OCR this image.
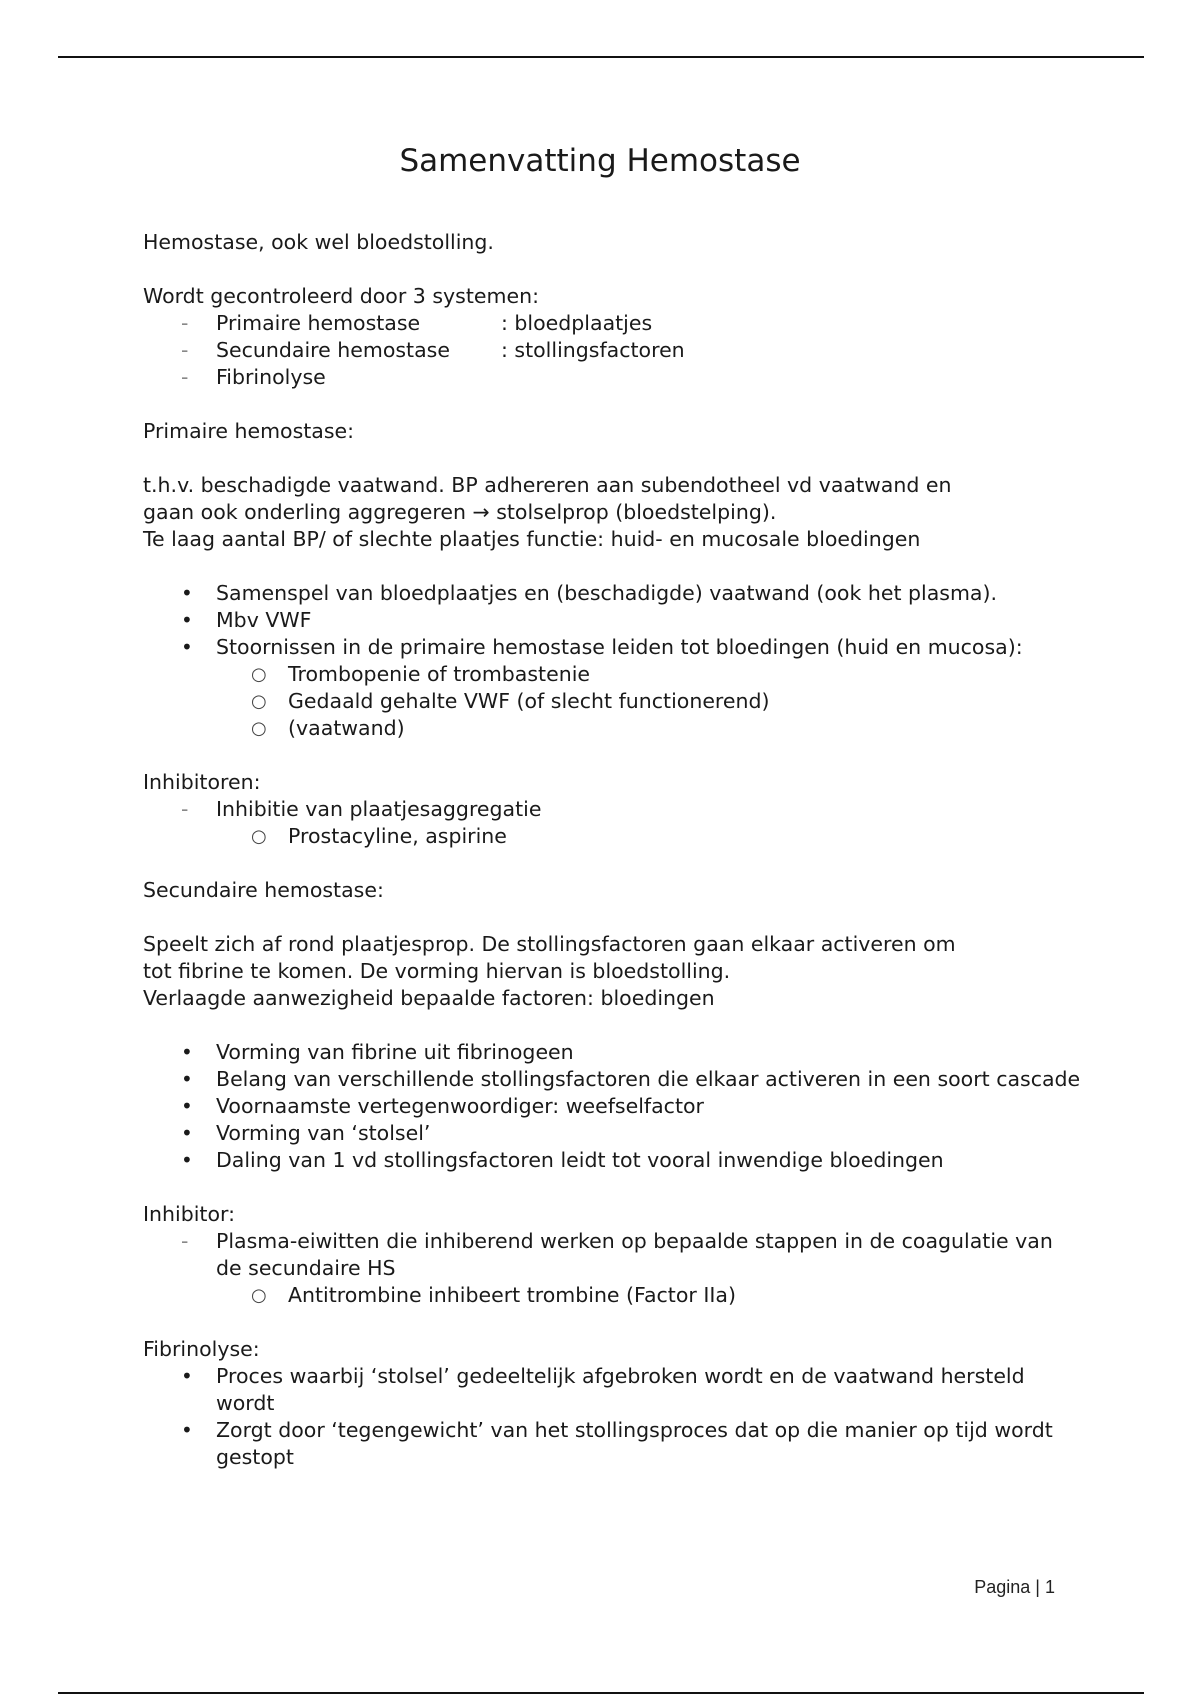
Samenvatting Hemostase

Hemostase, ook wel bloedstolling.

Wordt gecontroleerd door 3 systemen:

-	Primaire hemostase	: bloedplaatjes
-	Secundaire hemostase : stollingsfactoren
-	Fibrinolyse

Primaire hemostase:

t.h.v. beschadigde vaatwand. BP adhereren aan subendotheel vd vaatwand en

gaan ook onderling aggregeren → stolselprop (bloedstelping).

Te laag aantal BP/ of slechte plaatjes functie: huid- en mucosale bloedingen

•	Samenspel van bloedplaatjes en (beschadigde) vaatwand (ook het plasma).
•	Mbv VWF
•	Stoornissen in de primaire hemostase leiden tot bloedingen (huid en mucosa):
○ Trombopenie of trombastenie
○ Gedaald gehalte VWF (of slecht functionerend)
○ (vaatwand)

Inhibitoren:

-	Inhibitie van plaatjesaggregatie
○ Prostacyline, aspirine

Secundaire hemostase:

Speelt zich af rond plaatjesprop. De stollingsfactoren gaan elkaar activeren om

tot fibrine te komen. De vorming hiervan is bloedstolling.

Verlaagde aanwezigheid bepaalde factoren: bloedingen

•	Vorming van fibrine uit fibrinogeen
•	Belang van verschillende stollingsfactoren die elkaar activeren in een soort cascade
•	Voornaamste vertegenwoordiger: weefselfactor
•	Vorming van ‘stolsel’
•	Daling van 1 vd stollingsfactoren leidt tot vooral inwendige bloedingen

Inhibitor:

-	Plasma-eiwitten die inhiberend werken op bepaalde stappen in de coagulatie van de secundaire HS
○ Antitrombine inhibeert trombine (Factor IIa)

Fibrinolyse:

•	Proces waarbij ‘stolsel’ gedeeltelijk afgebroken wordt en de vaatwand hersteld wordt
•	Zorgt door ‘tegengewicht’ van het stollingsproces dat op die manier op tijd wordt gestopt
Pagina | 1
